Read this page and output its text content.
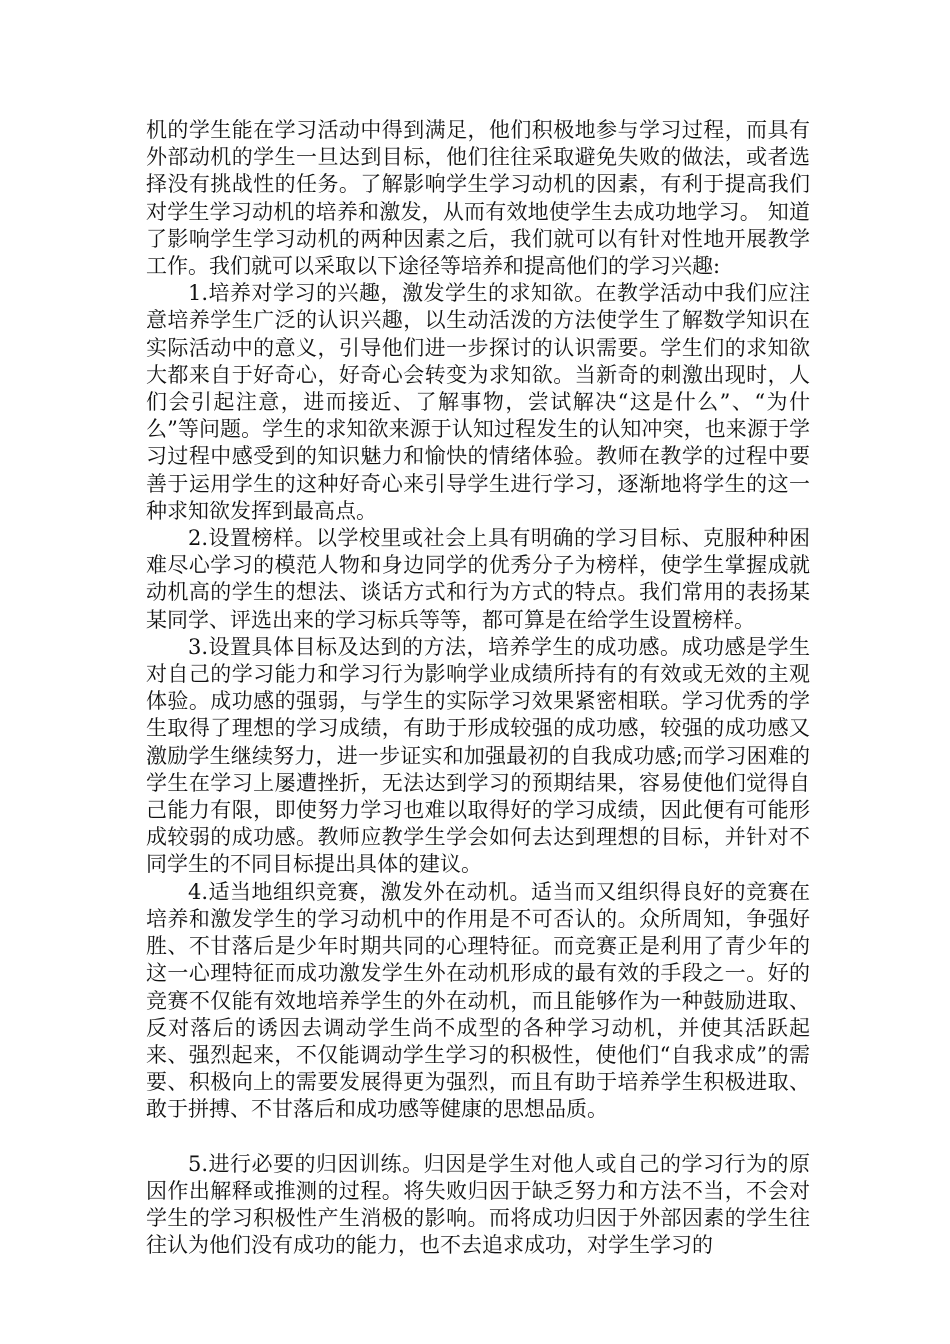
机的学生能在学习活动中得到满足，他们积极地参与学习过程，而具有外部动机的学生一旦达到目标，他们往往采取避免失败的做法，或者选择没有挑战性的任务。了解影响学生学习动机的因素，有利于提高我们对学生学习动机的培养和激发，从而有效地使学生去成功地学习。 知道了影响学生学习动机的两种因素之后，我们就可以有针对性地开展教学工作。我们就可以采取以下途径等培养和提高他们的学习兴趣:

1.培养对学习的兴趣，激发学生的求知欲。在教学活动中我们应注意培养学生广泛的认识兴趣，以生动活泼的方法使学生了解数学知识在实际活动中的意义，引导他们进一步探讨的认识需要。学生们的求知欲大都来自于好奇心，好奇心会转变为求知欲。当新奇的刺激出现时，人们会引起注意，进而接近、了解事物，尝试解决“这是什么”、“为什么”等问题。学生的求知欲来源于认知过程发生的认知冲突，也来源于学习过程中感受到的知识魅力和愉快的情绪体验。教师在教学的过程中要善于运用学生的这种好奇心来引导学生进行学习，逐渐地将学生的这一种求知欲发挥到最高点。

2.设置榜样。以学校里或社会上具有明确的学习目标、克服种种困难尽心学习的模范人物和身边同学的优秀分子为榜样，使学生掌握成就动机高的学生的想法、谈话方式和行为方式的特点。我们常用的表扬某某同学、评选出来的学习标兵等等，都可算是在给学生设置榜样。

3.设置具体目标及达到的方法，培养学生的成功感。成功感是学生对自己的学习能力和学习行为影响学业成绩所持有的有效或无效的主观体验。成功感的强弱，与学生的实际学习效果紧密相联。学习优秀的学生取得了理想的学习成绩，有助于形成较强的成功感，较强的成功感又激励学生继续努力，进一步证实和加强最初的自我成功感;而学习困难的学生在学习上屡遭挫折，无法达到学习的预期结果，容易使他们觉得自己能力有限，即使努力学习也难以取得好的学习成绩，因此便有可能形成较弱的成功感。教师应教学生学会如何去达到理想的目标，并针对不同学生的不同目标提出具体的建议。

4.适当地组织竞赛，激发外在动机。适当而又组织得良好的竞赛在培养和激发学生的学习动机中的作用是不可否认的。众所周知，争强好胜、不甘落后是少年时期共同的心理特征。而竞赛正是利用了青少年的这一心理特征而成功激发学生外在动机形成的最有效的手段之一。好的竞赛不仅能有效地培养学生的外在动机，而且能够作为一种鼓励进取、反对落后的诱因去调动学生尚不成型的各种学习动机，并使其活跃起来、强烈起来，不仅能调动学生学习的积极性，使他们“自我求成”的需要、积极向上的需要发展得更为强烈，而且有助于培养学生积极进取、敢于拼搏、不甘落后和成功感等健康的思想品质。

5.进行必要的归因训练。归因是学生对他人或自己的学习行为的原因作出解释或推测的过程。将失败归因于缺乏努力和方法不当，不会对学生的学习积极性产生消极的影响。而将成功归因于外部因素的学生往往认为他们没有成功的能力，也不去追求成功，对学生学习的
